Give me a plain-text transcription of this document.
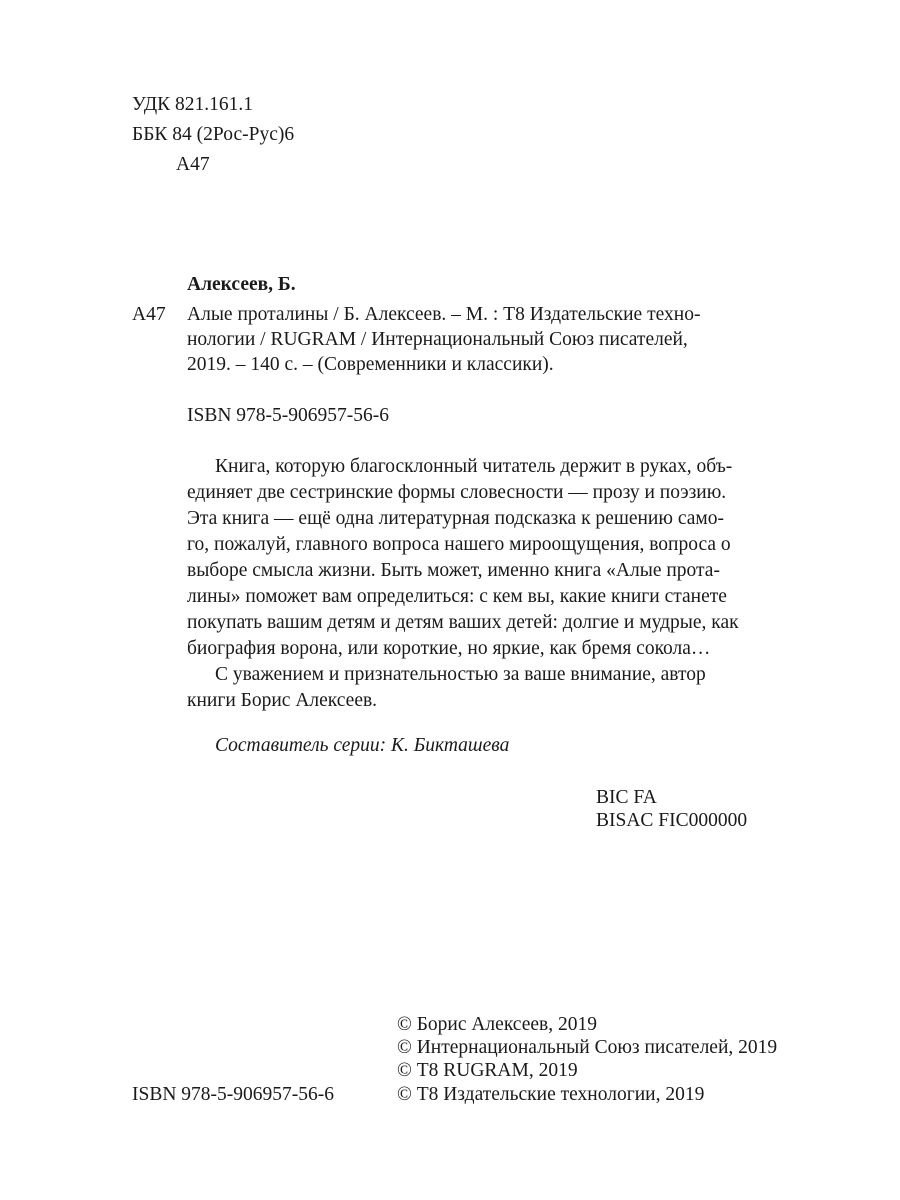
УДК 821.161.1
ББК 84 (2Рос-Рус)6
А47
Алексеев, Б.
А47 Алые проталины / Б. Алексеев. – М. : Т8 Издательские техно-
нологии / RUGRAM / Интернациональный Союз писателей,
2019. – 140 с. – (Современники и классики).
ISBN 978-5-906957-56-6
Книга, которую благосклонный читатель держит в руках, объ-
единяет две сестринские формы словесности — прозу и поэзию.
Эта книга — ещё одна литературная подсказка к решению само-
го, пожалуй, главного вопроса нашего мироощущения, вопроса о
выборе смысла жизни. Быть может, именно книга «Алые прота-
лины» поможет вам определиться: с кем вы, какие книги станете
покупать вашим детям и детям ваших детей: долгие и мудрые, как
биография ворона, или короткие, но яркие, как бремя сокола…
С уважением и признательностью за ваше внимание, автор
книги Борис Алексеев.
Составитель серии: К. Бикташева
BIC FA
BISAC FIC000000
© Борис Алексеев, 2019
© Интернациональный Союз писателей, 2019
© Т8 RUGRAM, 2019
© Т8 Издательские технологии, 2019
ISBN 978-5-906957-56-6
